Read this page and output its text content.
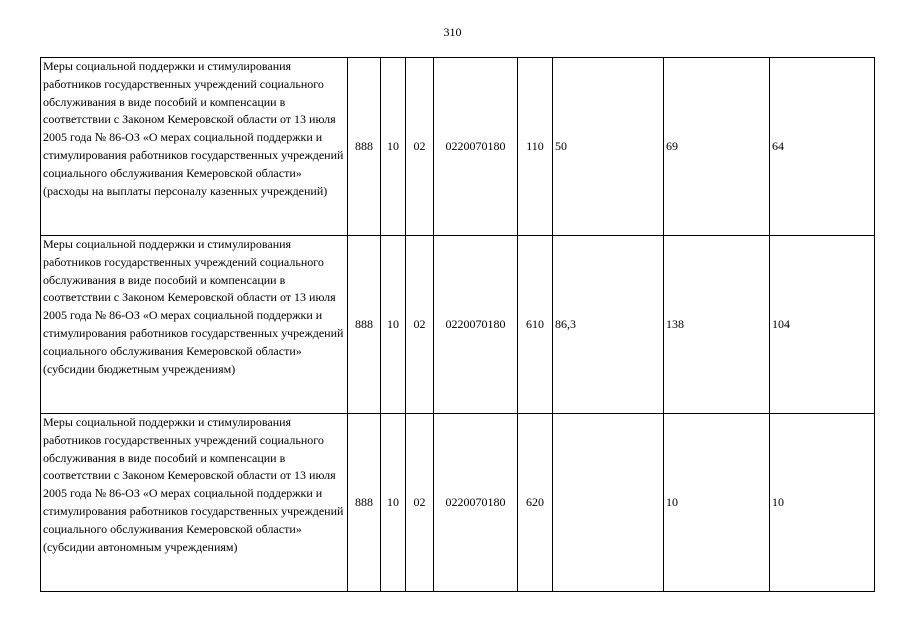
310
Меры социальной поддержки и стимулирования работников государственных учреждений социального обслуживания в виде пособий и компенсации в соответствии с Законом Кемеровской области от 13 июля 2005 года № 86-ОЗ «О мерах социальной поддержки и стимулирования работников государственных учреждений социального обслуживания Кемеровской области» (расходы на выплаты персоналу казенных учреждений)	888	10	02	0220070180	110	50	69	64
Меры социальной поддержки и стимулирования работников государственных учреждений социального обслуживания в виде пособий и компенсации в соответствии с Законом Кемеровской области от 13 июля 2005 года № 86-ОЗ «О мерах социальной поддержки и стимулирования работников государственных учреждений социального обслуживания Кемеровской области» (субсидии бюджетным учреждениям)	888	10	02	0220070180	610	86,3	138	104
Меры социальной поддержки и стимулирования работников государственных учреждений социального обслуживания в виде пособий и компенсации в соответствии с Законом Кемеровской области от 13 июля 2005 года № 86-ОЗ «О мерах социальной поддержки и стимулирования работников государственных учреждений социального обслуживания Кемеровской области» (субсидии автономным учреждениям)	888	10	02	0220070180	620		10	10
